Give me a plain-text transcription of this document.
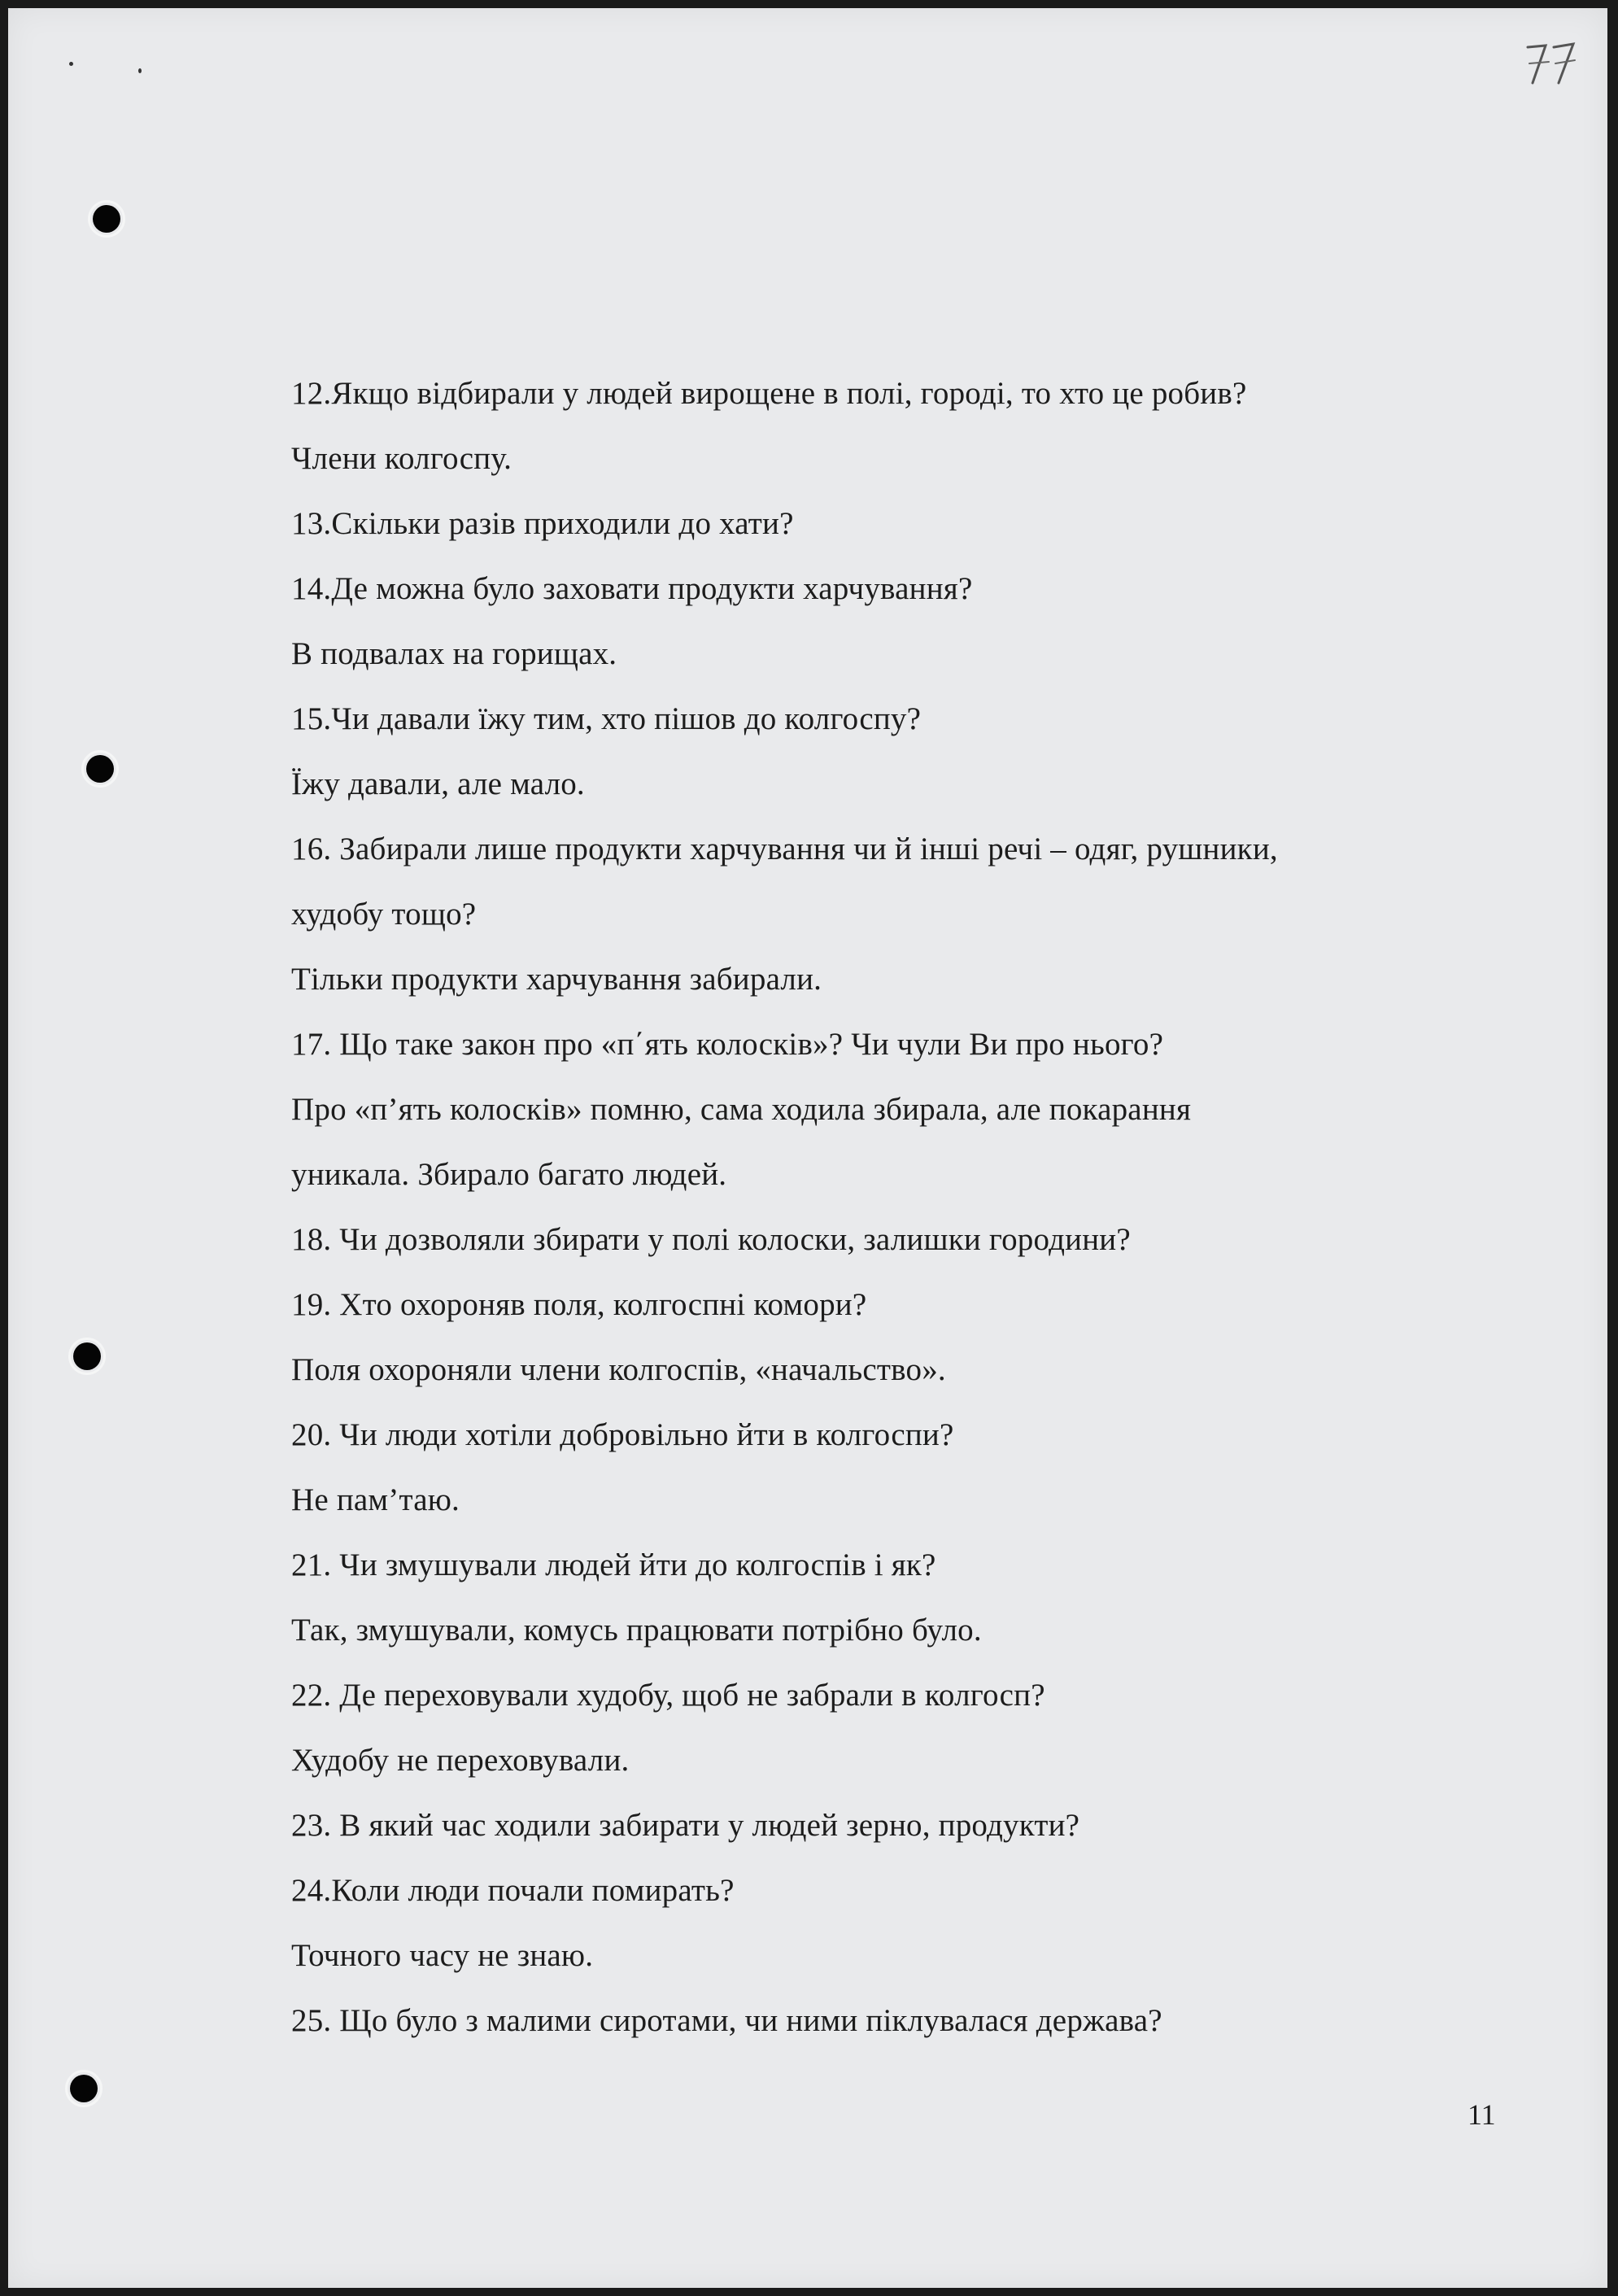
12.Якщо відбирали у людей вирощене в полі, городі, то хто це робив?
Члени колгоспу.
13.Скільки разів приходили до хати?
14.Де можна було заховати продукти харчування?
В подвалах на горищах.
15.Чи давали їжу тим, хто пішов до колгоспу?
Їжу давали, але мало.
16. Забирали лише продукти харчування чи й інші речі – одяг, рушники,
худобу тощо?
Тільки продукти харчування забирали.
17. Що таке закон про «п΄ять колосків»? Чи чули Ви про нього?
Про «п’ять колосків» помню, сама ходила збирала, але покарання
уникала. Збирало багато людей.
18. Чи дозволяли збирати у полі колоски, залишки городини?
19. Хто охороняв поля, колгоспні комори?
Поля охороняли члени колгоспів, «начальство».
20. Чи люди хотіли добровільно йти в колгоспи?
Не пам’таю.
21. Чи змушували людей йти до колгоспів і як?
Так, змушували, комусь працювати потрібно було.
22. Де переховували худобу, щоб не забрали в колгосп?
Худобу не переховували.
23. В який час ходили забирати у людей зерно, продукти?
24.Коли люди почали помирать?
Точного часу не знаю.
25. Що було з малими сиротами, чи ними піклувалася держава?
11
